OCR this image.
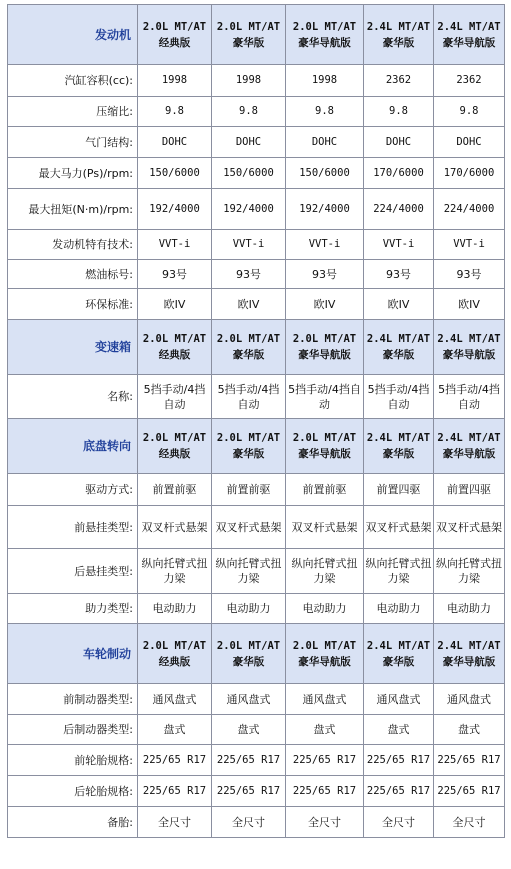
发动机	2.0L MT/AT 经典版	2.0L MT/AT 豪华版	2.0L MT/AT 豪华导航版	2.4L MT/AT 豪华版	2.4L MT/AT 豪华导航版
汽缸容积(cc):	1998	1998	1998	2362	2362
压缩比:	9.8	9.8	9.8	9.8	9.8
气门结构:	DOHC	DOHC	DOHC	DOHC	DOHC
最大马力(Ps)/rpm:	150/6000	150/6000	150/6000	170/6000	170/6000
最大扭矩(N·m)/rpm:	192/4000	192/4000	192/4000	224/4000	224/4000
发动机特有技术:	VVT-i	VVT-i	VVT-i	VVT-i	VVT-i
燃油标号:	93号	93号	93号	93号	93号
环保标准:	欧IV	欧IV	欧IV	欧IV	欧IV
变速箱	2.0L MT/AT 经典版	2.0L MT/AT 豪华版	2.0L MT/AT 豪华导航版	2.4L MT/AT 豪华版	2.4L MT/AT 豪华导航版
名称:	5挡手动/4挡自动	5挡手动/4挡自动	5挡手动/4挡自动	5挡手动/4挡自动	5挡手动/4挡自动
底盘转向	2.0L MT/AT 经典版	2.0L MT/AT 豪华版	2.0L MT/AT 豪华导航版	2.4L MT/AT 豪华版	2.4L MT/AT 豪华导航版
驱动方式:	前置前驱	前置前驱	前置前驱	前置四驱	前置四驱
前悬挂类型:	双叉杆式悬架	双叉杆式悬架	双叉杆式悬架	双叉杆式悬架	双叉杆式悬架
后悬挂类型:	纵向托臂式扭力梁	纵向托臂式扭力梁	纵向托臂式扭力梁	纵向托臂式扭力梁	纵向托臂式扭力梁
助力类型:	电动助力	电动助力	电动助力	电动助力	电动助力
车轮制动	2.0L MT/AT 经典版	2.0L MT/AT 豪华版	2.0L MT/AT 豪华导航版	2.4L MT/AT 豪华版	2.4L MT/AT 豪华导航版
前制动器类型:	通风盘式	通风盘式	通风盘式	通风盘式	通风盘式
后制动器类型:	盘式	盘式	盘式	盘式	盘式
前轮胎规格:	225/65 R17	225/65 R17	225/65 R17	225/65 R17	225/65 R17
后轮胎规格:	225/65 R17	225/65 R17	225/65 R17	225/65 R17	225/65 R17
备胎:	全尺寸	全尺寸	全尺寸	全尺寸	全尺寸
